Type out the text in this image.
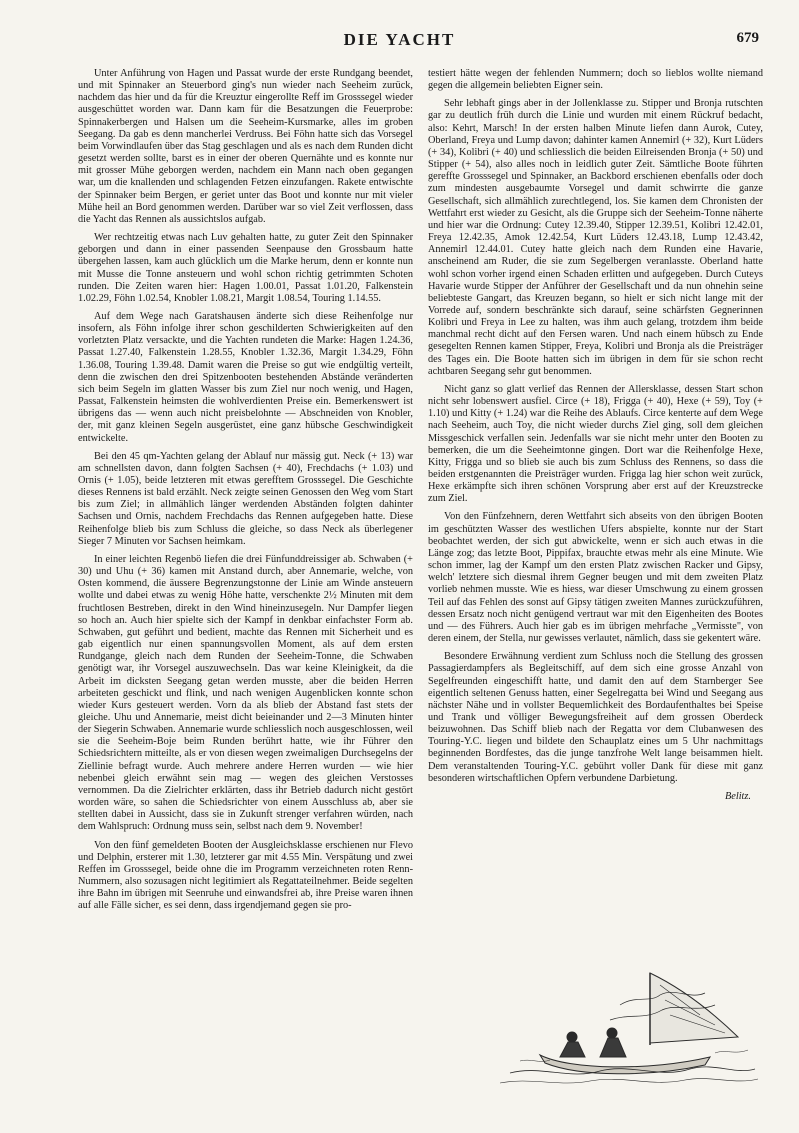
DIE YACHT	679

Unter Anführung von Hagen und Passat wurde der erste Rundgang beendet, und mit Spinnaker an Steuerbord ging's nun wieder nach Seeheim zurück, nachdem das hier und da für die Kreuztur eingerollte Reff im Grosssegel wieder ausgeschüttet worden war. Dann kam für die Besatzungen die Feuerprobe: Spinnakerbergen und Halsen um die Seeheim-Kursmarke, alles im groben Seegang. Da gab es denn mancherlei Verdruss. Bei Föhn hatte sich das Vorsegel beim Vorwindlaufen über das Stag geschlagen und als es nach dem Runden dicht gesetzt werden sollte, barst es in einer der oberen Quernähte und es konnte nur mit grosser Mühe geborgen werden, nachdem ein Mann nach oben gegangen war, um die knallenden und schlagenden Fetzen einzufangen. Rakete entwischte der Spinnaker beim Bergen, er geriet unter das Boot und konnte nur mit vieler Mühe heil an Bord genommen werden. Darüber war so viel Zeit verflossen, dass die Yacht das Rennen als aussichtslos aufgab.

Wer rechtzeitig etwas nach Luv gehalten hatte, zu guter Zeit den Spinnaker geborgen und dann in einer passenden Seenpause den Grossbaum hatte übergehen lassen, kam auch glücklich um die Marke herum, denn er konnte nun mit Musse die Tonne ansteuern und wohl schon richtig getrimmten Schoten runden. Die Zeiten waren hier: Hagen 1.00.01, Passat 1.01.20, Falkenstein 1.02.29, Föhn 1.02.54, Knobler 1.08.21, Margit 1.08.54, Touring 1.14.55.

Auf dem Wege nach Garatshausen änderte sich diese Reihenfolge nur insofern, als Föhn infolge ihrer schon geschilderten Schwierigkeiten auf den vorletzten Platz versackte, und die Yachten rundeten die Marke: Hagen 1.24.36, Passat 1.27.40, Falkenstein 1.28.55, Knobler 1.32.36, Margit 1.34.29, Föhn 1.36.08, Touring 1.39.48. Damit waren die Preise so gut wie endgültig verteilt, denn die zwischen den drei Spitzenbooten bestehenden Abstände veränderten sich beim Segeln im glatten Wasser bis zum Ziel nur noch wenig, und Hagen, Passat, Falkenstein heimsten die wohlverdienten Preise ein. Bemerkenswert ist übrigens das — wenn auch nicht preisbelohnte — Abschneiden von Knobler, der, mit ganz kleinen Segeln ausgerüstet, eine ganz hübsche Geschwindigkeit entwickelte.

Bei den 45 qm-Yachten gelang der Ablauf nur mässig gut. Neck (+ 13) war am schnellsten davon, dann folgten Sachsen (+ 40), Frechdachs (+ 1.03) und Ornis (+ 1.05), beide letzteren mit etwas gerefftem Grosssegel. Die Geschichte dieses Rennens ist bald erzählt. Neck zeigte seinen Genossen den Weg vom Start bis zum Ziel; in allmählich länger werdenden Abständen folgten dahinter Sachsen und Ornis, nachdem Frechdachs das Rennen aufgegeben hatte. Diese Reihenfolge blieb bis zum Schluss die gleiche, so dass Neck als überlegener Sieger 7 Minuten vor Sachsen heimkam.

In einer leichten Regenbö liefen die drei Fünfunddreissiger ab. Schwaben (+ 30) und Uhu (+ 36) kamen mit Anstand durch, aber Annemarie, welche, von Osten kommend, die äussere Begrenzungstonne der Linie am Winde ansteuern wollte und dabei etwas zu wenig Höhe hatte, verschenkte 2½ Minuten mit dem fruchtlosen Bestreben, direkt in den Wind hineinzusegeln. Nur Dampfer liegen so hoch an. Auch hier spielte sich der Kampf in denkbar einfachster Form ab. Schwaben, gut geführt und bedient, machte das Rennen mit Sicherheit und es gab eigentlich nur einen spannungsvollen Moment, als auf dem ersten Rundgange, gleich nach dem Runden der Seeheim-Tonne, die Schwaben genötigt war, ihr Vorsegel auszuwechseln. Das war keine Kleinigkeit, da die Arbeit im dicksten Seegang getan werden musste, aber die beiden Herren arbeiteten geschickt und flink, und nach wenigen Augenblicken konnte schon wieder Kurs gesteuert werden. Vorn da als blieb der Abstand fast stets der gleiche. Uhu und Annemarie, meist dicht beieinander und 2—3 Minuten hinter der Siegerin Schwaben. Annemarie wurde schliesslich noch ausgeschlossen, weil sie die Seeheim-Boje beim Runden berührt hatte, wie ihr Führer den Schiedsrichtern mitteilte, als er von diesen wegen zweimaligen Durchsegelns der Ziellinie befragt wurde. Auch mehrere andere Herren wurden — wie hier nebenbei gleich erwähnt sein mag — wegen des gleichen Verstosses vernommen. Da die Zielrichter erklärten, dass ihr Betrieb dadurch nicht gestört worden wäre, so sahen die Schiedsrichter von einem Ausschluss ab, aber sie stellten dabei in Aussicht, dass sie in Zukunft strenger verfahren würden, nach dem Wahlspruch: Ordnung muss sein, selbst nach dem 9. November!

Von den fünf gemeldeten Booten der Ausgleichsklasse erschienen nur Flevo und Delphin, ersterer mit 1.30, letzterer gar mit 4.55 Min. Verspätung und zwei Reffen im Grosssegel, beide ohne die im Programm verzeichneten roten Renn-Nummern, also sozusagen nicht legitimiert als Regattateilnehmer. Beide segelten ihre Bahn im übrigen mit Seenruhe und einwandsfrei ab, ihre Preise waren ihnen auf alle Fälle sicher, es sei denn, dass irgendjemand gegen sie pro-

testiert hätte wegen der fehlenden Nummern; doch so lieblos wollte niemand gegen die allgemein beliebten Eigner sein.

Sehr lebhaft gings aber in der Jollenklasse zu. Stipper und Bronja rutschten gar zu deutlich früh durch die Linie und wurden mit einem Rückruf bedacht, also: Kehrt, Marsch! In der ersten halben Minute liefen dann Aurok, Cutey, Oberland, Freya und Lump davon; dahinter kamen Annemirl (+ 32), Kurt Lüders (+ 34), Kolibri (+ 40) und schliesslich die beiden Eilreisenden Bronja (+ 50) und Stipper (+ 54), also alles noch in leidlich guter Zeit. Sämtliche Boote führten gereffte Grosssegel und Spinnaker, an Backbord erschienen ebenfalls oder doch zum mindesten ausgebaumte Vorsegel und damit schwirrte die ganze Gesellschaft, sich allmählich zurechtlegend, los. Sie kamen dem Chronisten der Wettfahrt erst wieder zu Gesicht, als die Gruppe sich der Seeheim-Tonne näherte und hier war die Ordnung: Cutey 12.39.40, Stipper 12.39.51, Kolibri 12.42.01, Freya 12.42.35, Amok 12.42.54, Kurt Lüders 12.43.18, Lump 12.43.42, Annemirl 12.44.01. Cutey hatte gleich nach dem Runden eine Havarie, anscheinend am Ruder, die sie zum Segelbergen veranlasste. Oberland hatte wohl schon vorher irgend einen Schaden erlitten und aufgegeben. Durch Cuteys Havarie wurde Stipper der Anführer der Gesellschaft und da nun ohnehin seine beliebteste Gangart, das Kreuzen begann, so hielt er sich nicht lange mit der Vorrede auf, sondern beschränkte sich darauf, seine schärfsten Gegnerinnen Kolibri und Freya in Lee zu halten, was ihm auch gelang, trotzdem ihm beide manchmal recht dicht auf den Fersen waren. Und nach einem hübsch zu Ende gesegelten Rennen kamen Stipper, Freya, Kolibri und Bronja als die Preisträger des Tages ein. Die Boote hatten sich im übrigen in dem für sie schon recht achtbaren Seegang sehr gut benommen.

Nicht ganz so glatt verlief das Rennen der Allersklasse, dessen Start schon nicht sehr lobenswert ausfiel. Circe (+ 18), Frigga (+ 40), Hexe (+ 59), Toy (+ 1.10) und Kitty (+ 1.24) war die Reihe des Ablaufs. Circe kenterte auf dem Wege nach Seeheim, auch Toy, die nicht wieder durchs Ziel ging, soll dem gleichen Missgeschick verfallen sein. Jedenfalls war sie nicht mehr unter den Booten zu bemerken, die um die Seeheimtonne gingen. Dort war die Reihenfolge Hexe, Kitty, Frigga und so blieb sie auch bis zum Schluss des Rennens, so dass die beiden erstgenannten die Preisträger wurden. Frigga lag hier schon weit zurück, Hexe erkämpfte sich ihren schönen Vorsprung aber erst auf der Kreuzstrecke zum Ziel.

Von den Fünfzehnern, deren Wettfahrt sich abseits von den übrigen Booten im geschützten Wasser des westlichen Ufers abspielte, konnte nur der Start beobachtet werden, der sich gut abwickelte, wenn er sich auch etwas in die Länge zog; das letzte Boot, Pippifax, brauchte etwas mehr als eine Minute. Wie schon immer, lag der Kampf um den ersten Platz zwischen Racker und Gipsy, welch' letztere sich diesmal ihrem Gegner beugen und mit dem zweiten Platz vorlieb nehmen musste. Wie es hiess, war dieser Umschwung zu einem grossen Teil auf das Fehlen des sonst auf Gipsy tätigen zweiten Mannes zurückzuführen, dessen Ersatz noch nicht genügend vertraut war mit den Eigenheiten des Bootes und — des Führers. Auch hier gab es im übrigen mehrfache „Vermisste", von deren einem, der Stella, nur gewisses verlautet, nämlich, dass sie gekentert wäre.

Besondere Erwähnung verdient zum Schluss noch die Stellung des grossen Passagierdampfers als Begleitschiff, auf dem sich eine grosse Anzahl von Segelfreunden eingeschifft hatte, und damit den auf dem Starnberger See eigentlich seltenen Genuss hatten, einer Segelregatta bei Wind und Seegang aus nächster Nähe und in vollster Bequemlichkeit des Bordaufenthaltes bei Speise und Trank und völliger Bewegungsfreiheit auf dem grossen Oberdeck beizuwohnen. Das Schiff blieb nach der Regatta vor dem Clubanwesen des Touring-Y.C. liegen und bildete den Schauplatz eines um 5 Uhr nachmittags beginnenden Bordfestes, das die junge tanzfrohe Welt lange beisammen hielt. Dem veranstaltenden Touring-Y.C. gebührt voller Dank für diese mit ganz besonderen wirtschaftlichen Opfern verbundene Darbietung.

Belitz.
